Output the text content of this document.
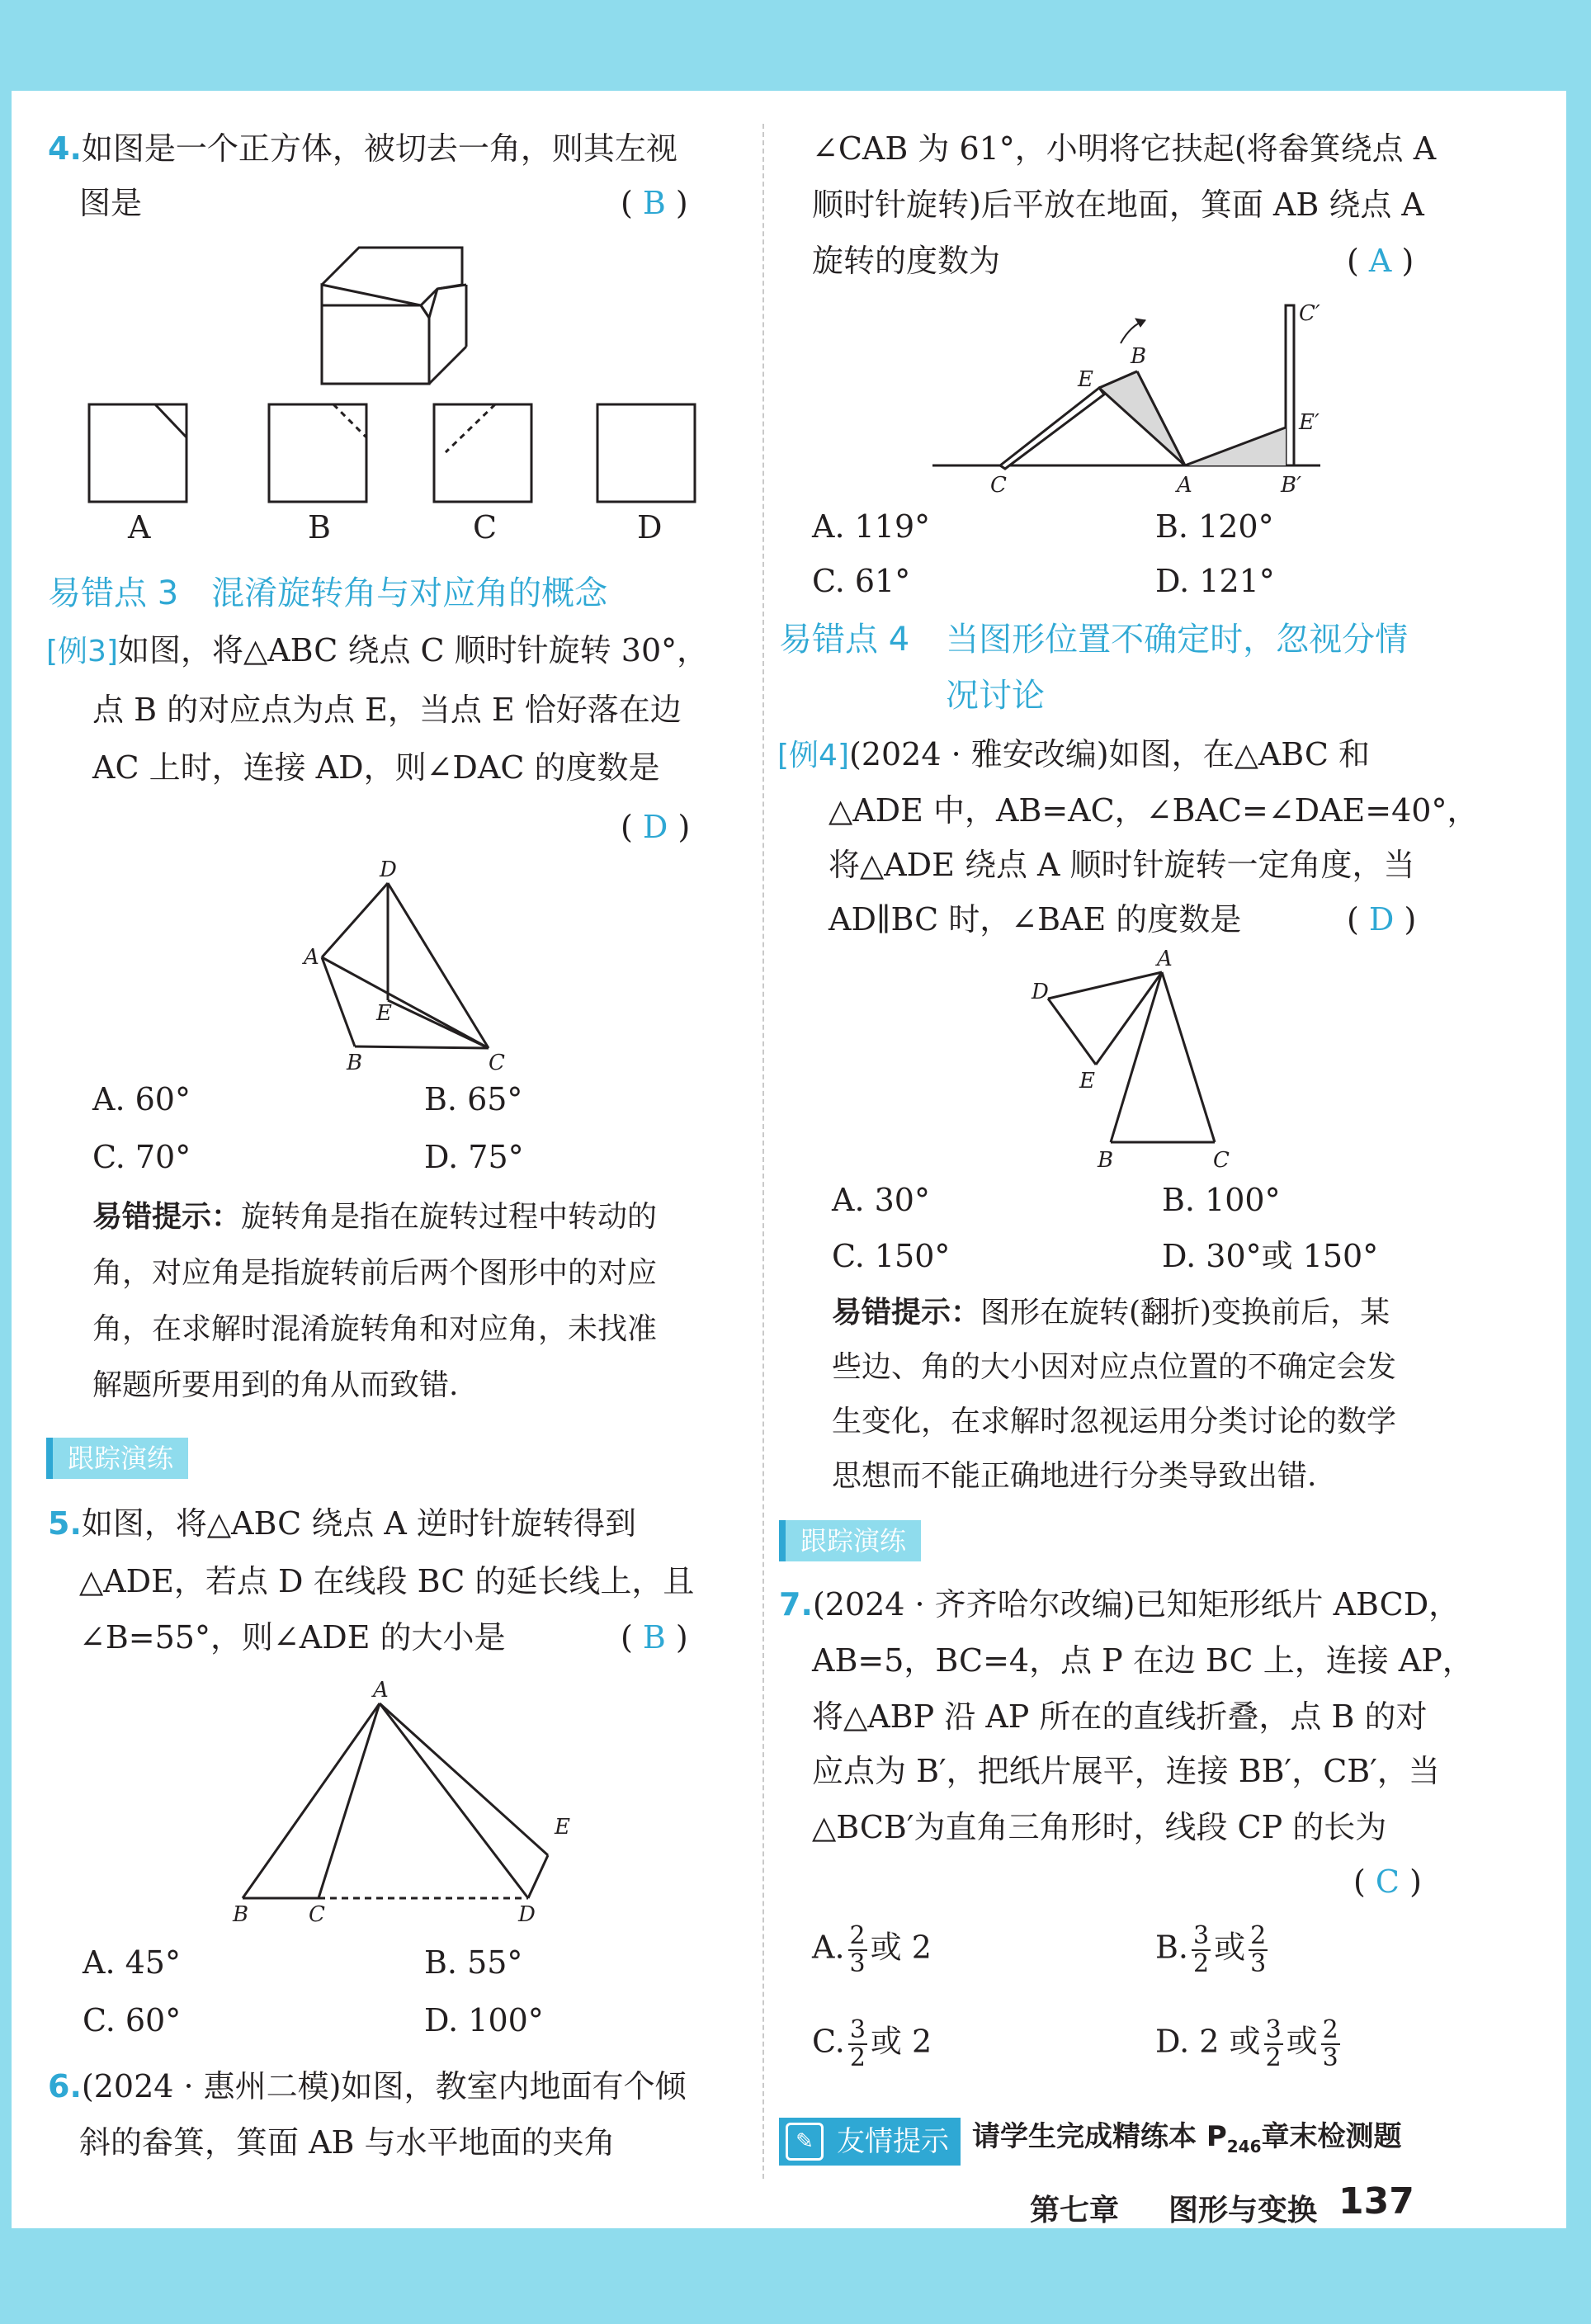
4.如图是一个正方体，被切去一角，则其左视
图是	( B )
A	B	C	D
易错点 3 混淆旋转角与对应角的概念
[例3]如图，将△ABC 绕点 C 顺时针旋转 30°，
点 B 的对应点为点 E，当点 E 恰好落在边
AC 上时，连接 AD，则∠DAC 的度数是
( D )
D
A
E
B	C
A. 60°	B. 65°
C. 70°	D. 75°
易错提示：旋转角是指在旋转过程中转动的
角，对应角是指旋转前后两个图形中的对应
角，在求解时混淆旋转角和对应角，未找准
解题所要用到的角从而致错.
跟踪演练
5.如图，将△ABC 绕点 A 逆时针旋转得到
△ADE，若点 D 在线段 BC 的延长线上，且
∠B=55°，则∠ADE 的大小是	( B )
A
E
B	C	D
A. 45°	B. 55°
C. 60°	D. 100°
6.(2024 · 惠州二模)如图，教室内地面有个倾
斜的畚箕，箕面 AB 与水平地面的夹角
∠CAB 为 61°，小明将它扶起(将畚箕绕点 A
顺时针旋转)后平放在地面，箕面 AB 绕点 A
旋转的度数为	( A )
C
E
B
A
C′
E′
B′
A. 119°	B. 120°
C. 61°	D. 121°
易错点 4 当图形位置不确定时，忽视分情
况讨论
[例4](2024 · 雅安改编)如图，在△ABC 和
△ADE 中，AB=AC，∠BAC=∠DAE=40°，
将△ADE 绕点 A 顺时针旋转一定角度，当
AD∥BC 时，∠BAE 的度数是	( D )
A
D
E
B	C
A. 30°	B. 100°
C. 150°	D. 30°或 150°
易错提示：图形在旋转(翻折)变换前后，某
些边、角的大小因对应点位置的不确定会发
生变化，在求解时忽视运用分类讨论的数学
思想而不能正确地进行分类导致出错.
跟踪演练
7.(2024 · 齐齐哈尔改编)已知矩形纸片 ABCD，
AB=5，BC=4，点 P 在边 BC 上，连接 AP，
将△ABP 沿 AP 所在的直线折叠，点 B 的对
应点为 B′，把纸片展平，连接 BB′，CB′，当
△BCB′为直角三角形时，线段 CP 的长为
( C )
A. $\frac{2}{3}$ 或 2	B. $\frac{3}{2}$ 或 $\frac{2}{3}$
C. $\frac{3}{2}$ 或 2	D. 2 或 $\frac{3}{2}$ 或 $\frac{2}{3}$
✎ 友情提示 请学生完成精练本 $P_{246}$章末检测题
第七章 图形与变换 137
